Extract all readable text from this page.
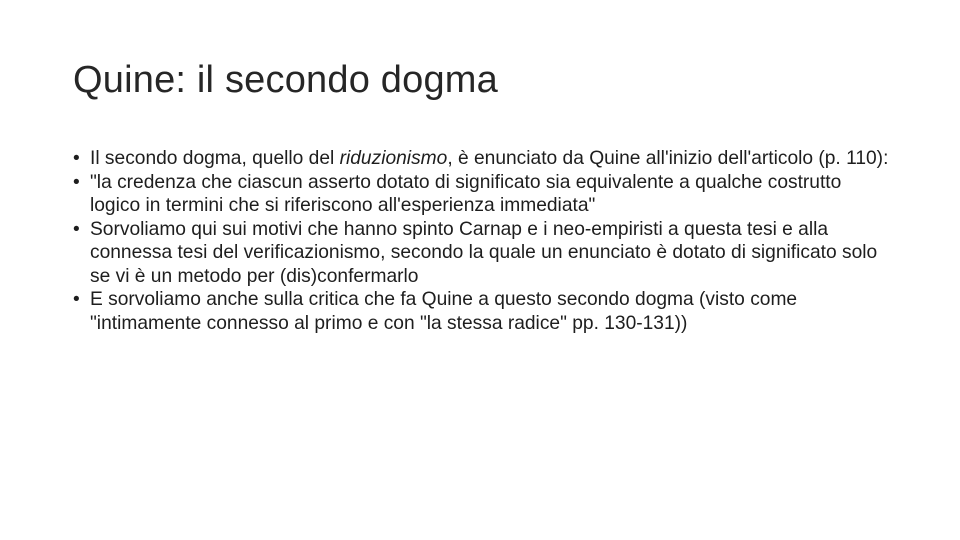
Quine: il secondo dogma
• Il secondo dogma, quello del riduzionismo, è enunciato da Quine all'inizio dell'articolo (p. 110):
• "la credenza che ciascun asserto dotato di significato sia equivalente a qualche costrutto logico in termini che si riferiscono all'esperienza immediata"
• Sorvoliamo qui sui motivi che hanno spinto Carnap e i neo-empiristi a questa tesi e alla connessa tesi del verificazionismo, secondo la quale un enunciato è dotato di significato solo se vi è un metodo per (dis)confermarlo
• E sorvoliamo anche sulla critica che fa Quine a questo secondo dogma (visto come "intimamente connesso al primo e con "la stessa radice" pp. 130-131))
